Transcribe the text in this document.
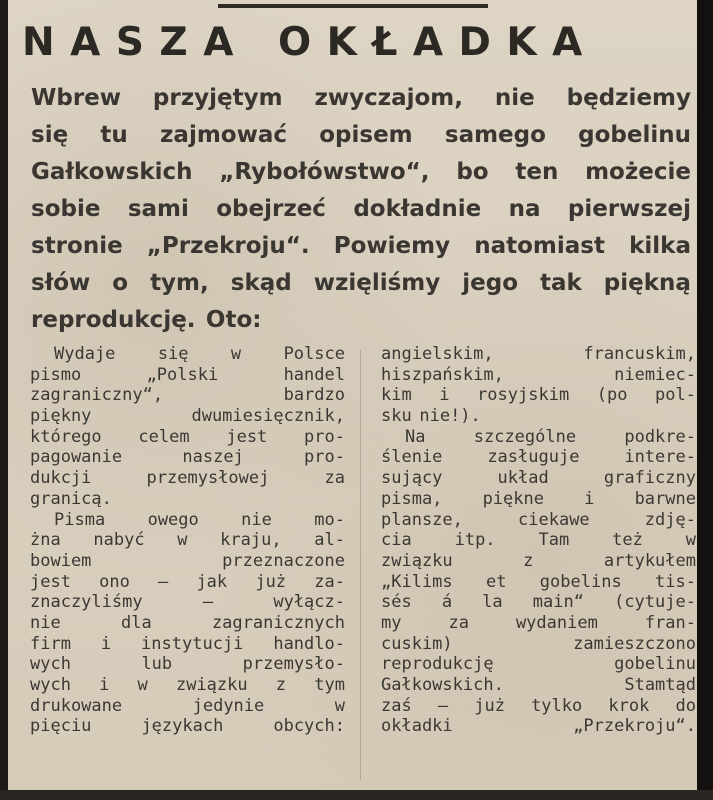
NASZA OKŁADKA
Wbrew przyjętym zwyczajom, nie będziemy
się tu zajmować opisem samego gobelinu
Gałkowskich „Rybołówstwo“, bo ten możecie
sobie sami obejrzeć dokładnie na pierwszej
stronie „Przekroju“. Powiemy natomiast kilka
słów o tym, skąd wzięliśmy jego tak piękną
reprodukcję. Oto:
Wydaje się w Polsce
pismo	„Polski	handel
zagraniczny“,	bardzo
piękny	dwumiesięcznik,
którego celem jest pro-
pagowanie	naszej	pro-
dukcji	przemysłowej	za
granicą.
Pisma owego nie mo-
żna nabyć w kraju, al-
bowiem	przeznaczone
jest ono — jak już za-
znaczyliśmy	—	wyłącz-
nie	dla	zagranicznych
firm i instytucji handlo-
wych	lub	przemysło-
wych i w związku z tym
drukowane	jedynie	w
pięciu	językach	obcych:
angielskim,	francuskim,
hiszpańskim,	niemiec-
kim i rosyjskim (po pol-
sku nie!).
Na	szczególne	podkre-
ślenie	zasługuje	intere-
sujący	układ	graficzny
pisma, piękne i barwne
plansze,	ciekawe	zdję-
cia	itp.	Tam	też	w
związku	z	artykułem
„Kilims et gobelins tis-
sés á la main“ (cytuje-
my	za	wydaniem	fran-
cuskim)	zamieszczono
reprodukcję	gobelinu
Gałkowskich.	Stamtąd
zaś — już tylko krok do
okładki	„Przekroju“.
